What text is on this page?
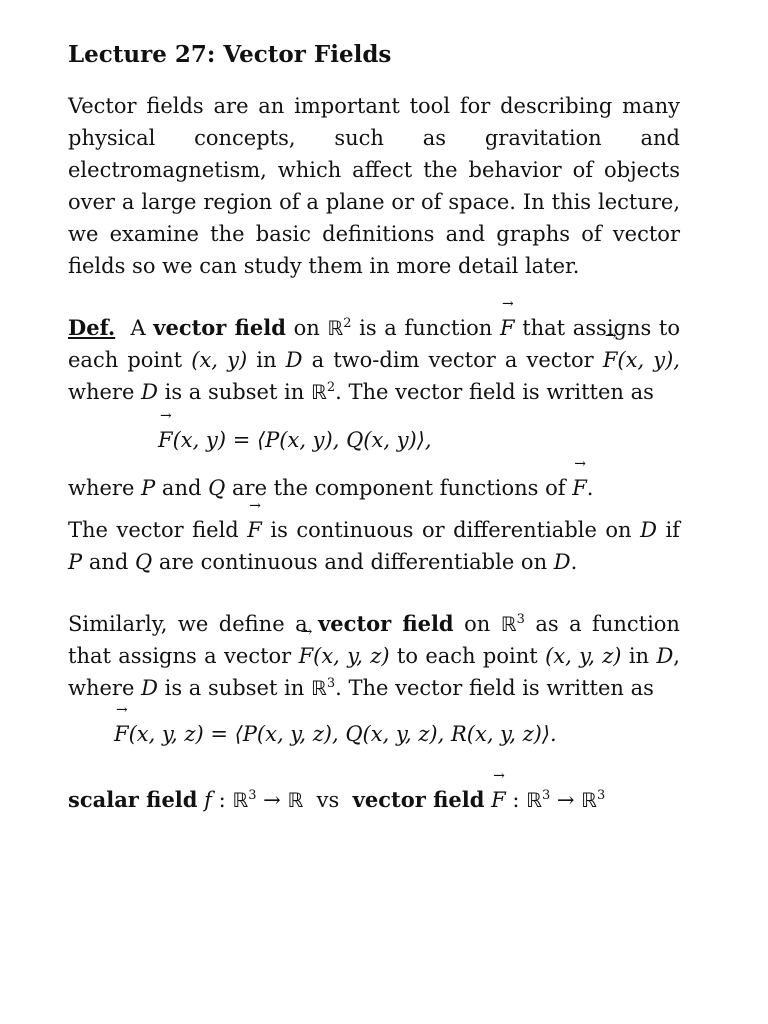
Lecture 27: Vector Fields

Vector fields are an important tool for describing many physical concepts, such as gravitation and electromagnetism, which affect the behavior of objects over a large region of a plane or of space. In this lecture, we examine the basic definitions and graphs of vector fields so we can study them in more detail later.

Def. A vector field on ℝ$^2$ is a function → F that assigns to each point (x, y) in D a two-dim vector a vector → F(x, y), where D is a subset in ℝ$^2$. The vector field is written as

→ F(x, y) = ⟨P(x, y), Q(x, y)⟩,

where P and Q are the component functions of → F.

The vector field → F is continuous or differentiable on D if P and Q are continuous and differentiable on D.

Similarly, we define a vector field on ℝ$^3$ as a function that assigns a vector → F(x, y, z) to each point (x, y, z) in D, where D is a subset in ℝ$^3$. The vector field is written as

→ F(x, y, z) = ⟨P(x, y, z), Q(x, y, z), R(x, y, z)⟩.

scalar field f : ℝ$^3$ → ℝ vs vector field → F : ℝ$^3$ → ℝ$^3$
